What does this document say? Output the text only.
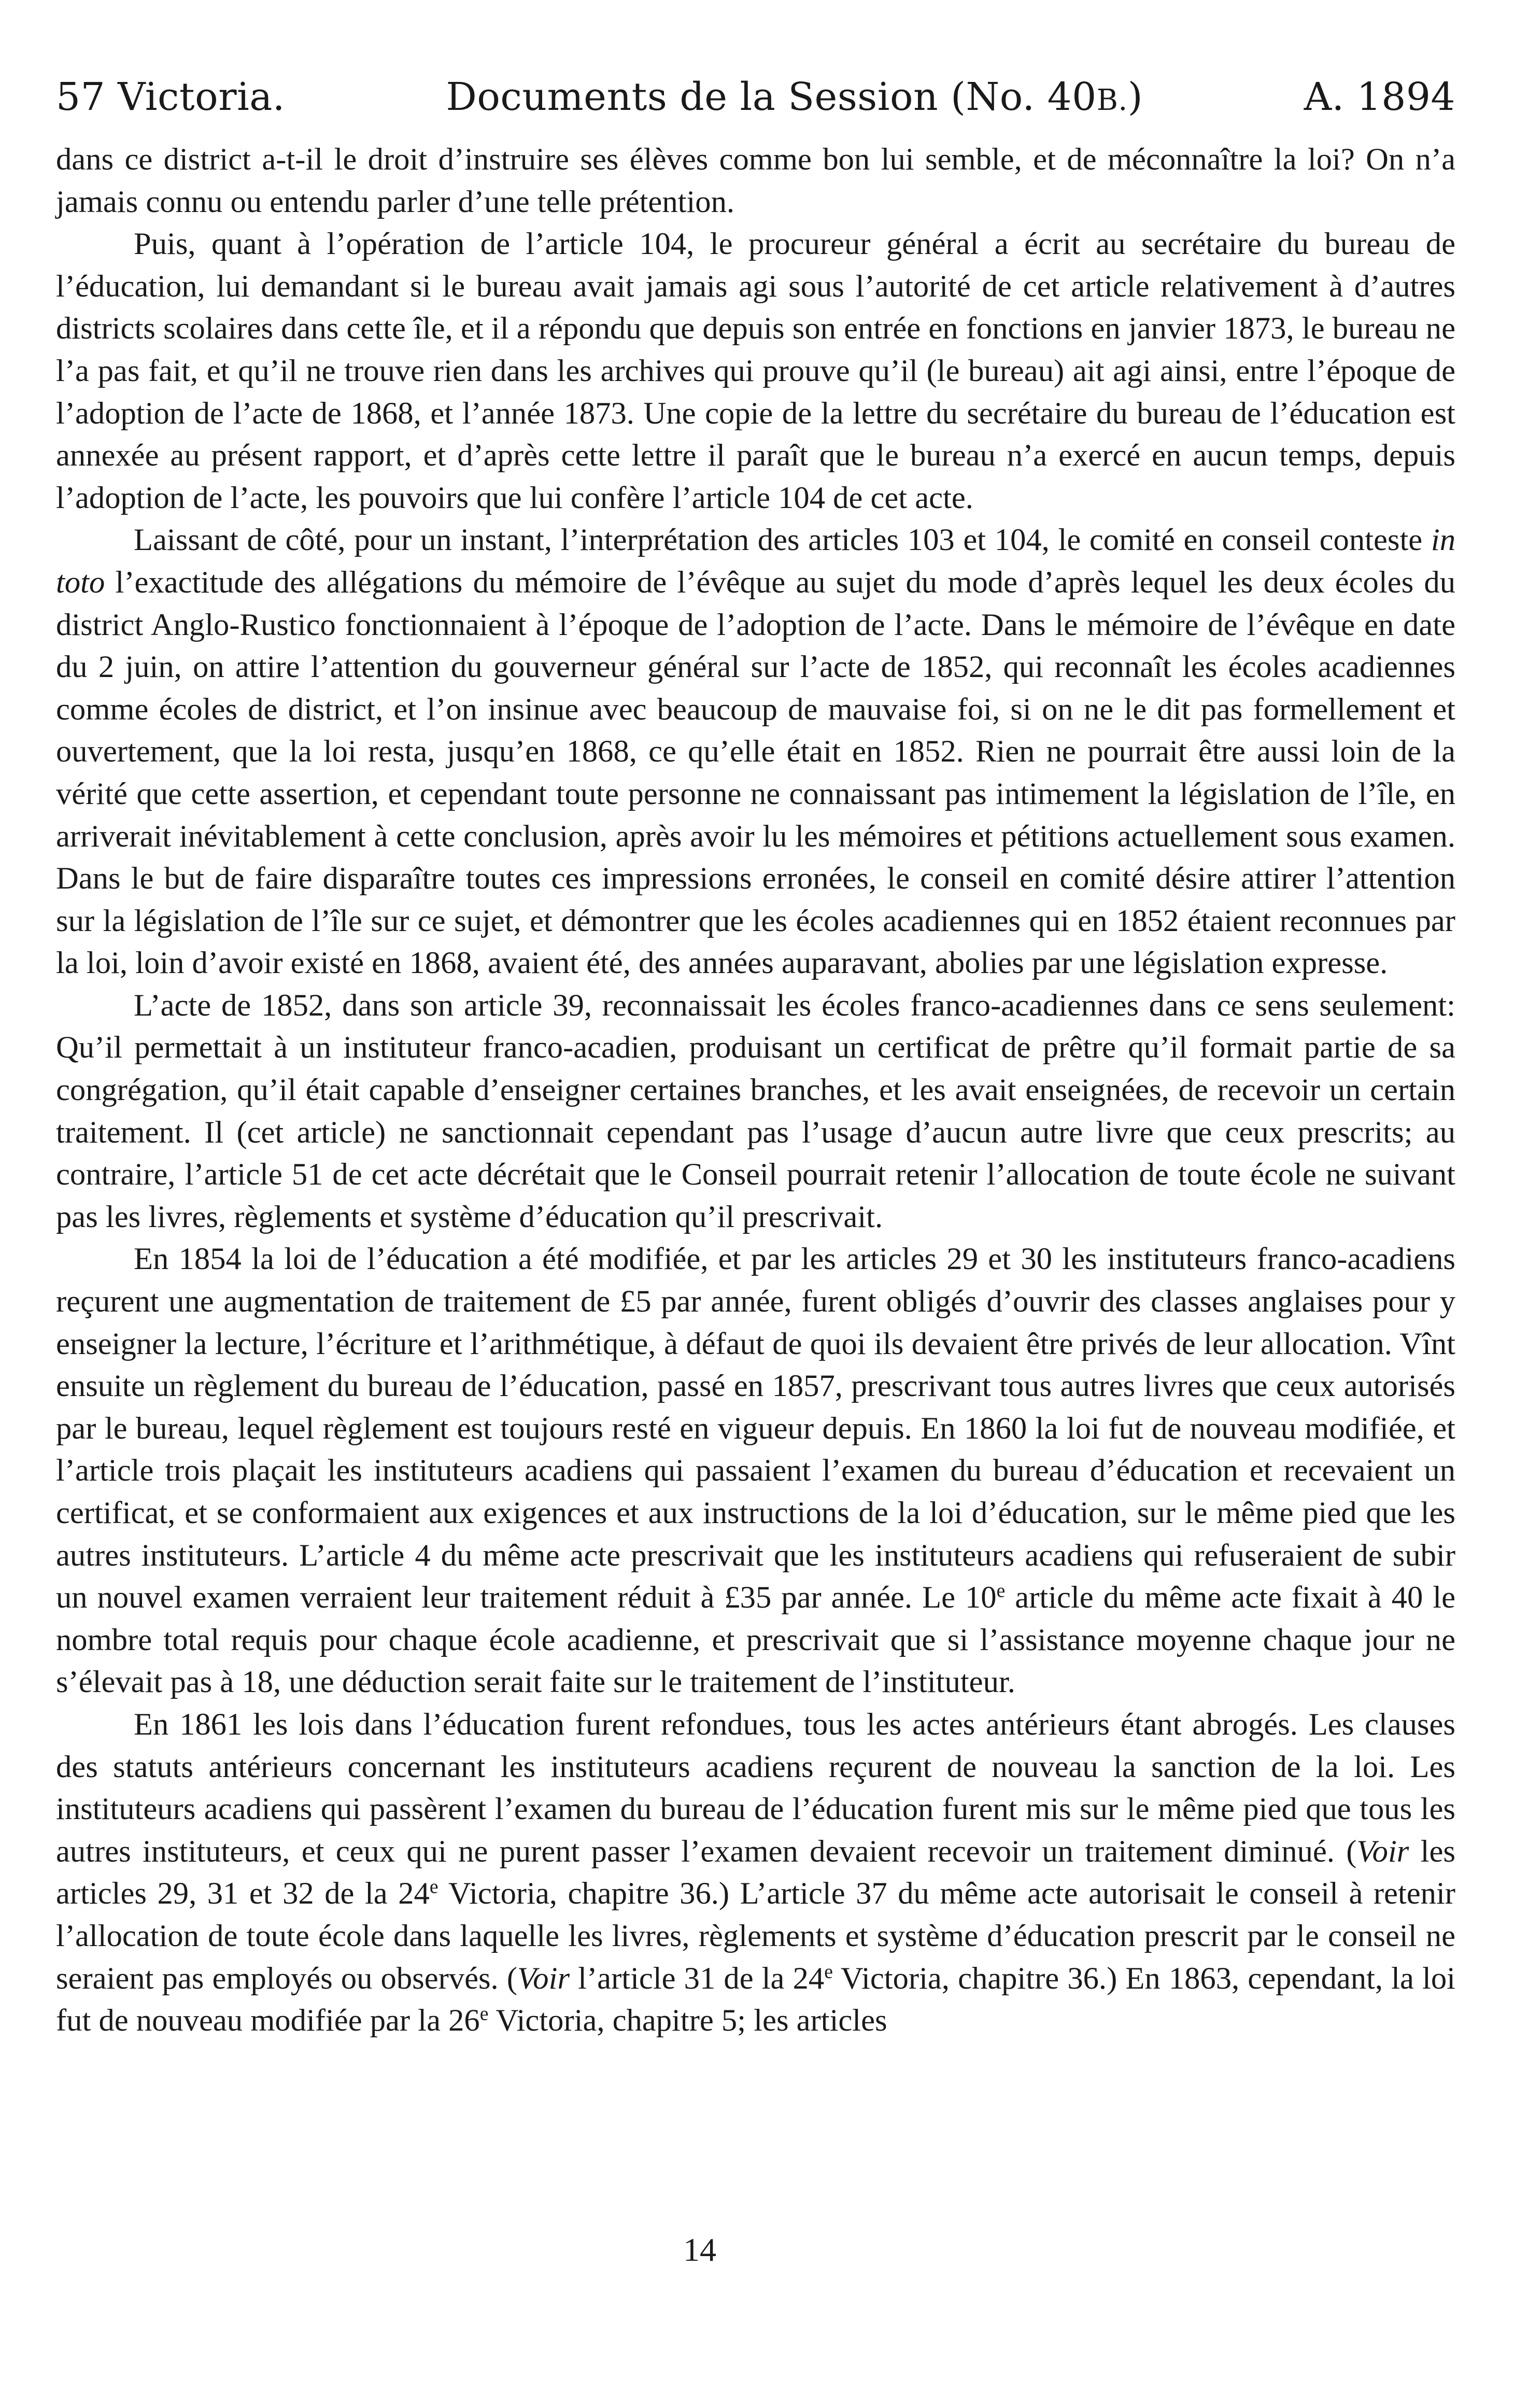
57 Victoria.	Documents de la Session (No. 40B.)	A. 1894

dans ce district a-t-il le droit d’instruire ses élèves comme bon lui semble, et de méconnaître la loi? On n’a jamais connu ou entendu parler d’une telle prétention.

Puis, quant à l’opération de l’article 104, le procureur général a écrit au secrétaire du bureau de l’éducation, lui demandant si le bureau avait jamais agi sous l’autorité de cet article relativement à d’autres districts scolaires dans cette île, et il a répondu que depuis son entrée en fonctions en janvier 1873, le bureau ne l’a pas fait, et qu’il ne trouve rien dans les archives qui prouve qu’il (le bureau) ait agi ainsi, entre l’époque de l’adoption de l’acte de 1868, et l’année 1873. Une copie de la lettre du secrétaire du bureau de l’éducation est annexée au présent rapport, et d’après cette lettre il paraît que le bureau n’a exercé en aucun temps, depuis l’adoption de l’acte, les pouvoirs que lui confère l’article 104 de cet acte.

Laissant de côté, pour un instant, l’interprétation des articles 103 et 104, le comité en conseil conteste in toto l’exactitude des allégations du mémoire de l’évêque au sujet du mode d’après lequel les deux écoles du district Anglo-Rustico fonctionnaient à l’époque de l’adoption de l’acte. Dans le mémoire de l’évêque en date du 2 juin, on attire l’attention du gouverneur général sur l’acte de 1852, qui reconnaît les écoles acadiennes comme écoles de district, et l’on insinue avec beaucoup de mauvaise foi, si on ne le dit pas formellement et ouvertement, que la loi resta, jusqu’en 1868, ce qu’elle était en 1852. Rien ne pourrait être aussi loin de la vérité que cette assertion, et cependant toute personne ne connaissant pas intimement la législation de l’île, en arriverait inévitablement à cette conclusion, après avoir lu les mémoires et pétitions actuellement sous examen. Dans le but de faire disparaître toutes ces impressions erronées, le conseil en comité désire attirer l’attention sur la législation de l’île sur ce sujet, et démontrer que les écoles acadiennes qui en 1852 étaient reconnues par la loi, loin d’avoir existé en 1868, avaient été, des années auparavant, abolies par une législation expresse.

L’acte de 1852, dans son article 39, reconnaissait les écoles franco-acadiennes dans ce sens seulement: Qu’il permettait à un instituteur franco-acadien, produisant un certificat de prêtre qu’il formait partie de sa congrégation, qu’il était capable d’enseigner certaines branches, et les avait enseignées, de recevoir un certain traitement. Il (cet article) ne sanctionnait cependant pas l’usage d’aucun autre livre que ceux prescrits; au contraire, l’article 51 de cet acte décrétait que le Conseil pourrait retenir l’allocation de toute école ne suivant pas les livres, règlements et système d’éducation qu’il prescrivait.

En 1854 la loi de l’éducation a été modifiée, et par les articles 29 et 30 les instituteurs franco-acadiens reçurent une augmentation de traitement de £5 par année, furent obligés d’ouvrir des classes anglaises pour y enseigner la lecture, l’écriture et l’arithmétique, à défaut de quoi ils devaient être privés de leur allocation. Vînt ensuite un règlement du bureau de l’éducation, passé en 1857, prescrivant tous autres livres que ceux autorisés par le bureau, lequel règlement est toujours resté en vigueur depuis. En 1860 la loi fut de nouveau modifiée, et l’article trois plaçait les instituteurs acadiens qui passaient l’examen du bureau d’éducation et recevaient un certificat, et se conformaient aux exigences et aux instructions de la loi d’éducation, sur le même pied que les autres instituteurs. L’article 4 du même acte prescrivait que les instituteurs acadiens qui refuseraient de subir un nouvel examen verraient leur traitement réduit à £35 par année. Le 10e article du même acte fixait à 40 le nombre total requis pour chaque école acadienne, et prescrivait que si l’assistance moyenne chaque jour ne s’élevait pas à 18, une déduction serait faite sur le traitement de l’instituteur.

En 1861 les lois dans l’éducation furent refondues, tous les actes antérieurs étant abrogés. Les clauses des statuts antérieurs concernant les instituteurs acadiens reçurent de nouveau la sanction de la loi. Les instituteurs acadiens qui passèrent l’examen du bureau de l’éducation furent mis sur le même pied que tous les autres instituteurs, et ceux qui ne purent passer l’examen devaient recevoir un traitement diminué. (Voir les articles 29, 31 et 32 de la 24e Victoria, chapitre 36.) L’article 37 du même acte autorisait le conseil à retenir l’allocation de toute école dans laquelle les livres, règlements et système d’éducation prescrit par le conseil ne seraient pas employés ou observés. (Voir l’article 31 de la 24e Victoria, chapitre 36.) En 1863, cependant, la loi fut de nouveau modifiée par la 26e Victoria, chapitre 5; les articles

14
